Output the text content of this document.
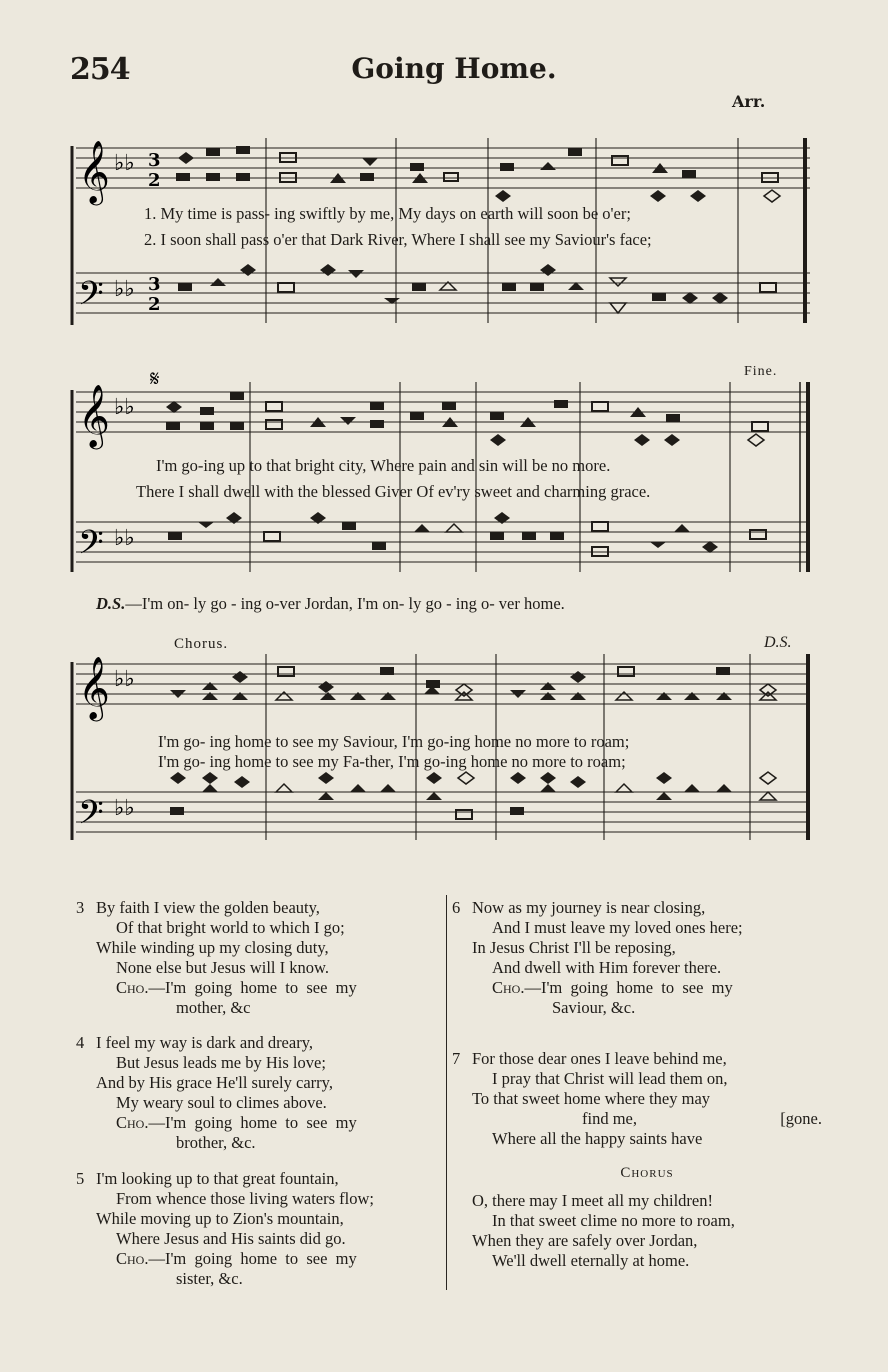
254	Going Home.
Arr.
𝄞
𝄢
♭♭
♭♭
3
2
3
2
1. My time is pass- ing swiftly by me, My days on earth will soon be o'er;
2. I soon shall pass o'er that Dark River, Where I shall see my Saviour's face;
𝄞
𝄢
♭♭
♭♭
𝄋	Fine.
I'm go-ing up to that bright city, Where pain and sin will be no more.
There I shall dwell with the blessed Giver Of ev'ry sweet and charming grace.
D.S.—I'm on- ly go - ing o-ver Jordan, I'm on- ly go - ing o- ver home.
𝄞
𝄢
♭♭
♭♭
Chorus.	D.S.
I'm go- ing home to see my Saviour, I'm go-ing home no more to roam;
I'm go- ing home to see my Fa-ther, I'm go-ing home no more to roam;
3 By faith I view the golden beauty,
Of that bright world to which I go;
While winding up my closing duty,
None else but Jesus will I know.
Cho. —I'm  going  home  to  see  my
mother, &c
4 I feel my way is dark and dreary,
But Jesus leads me by His love;
And by His grace He'll surely carry,
My weary soul to climes above.
Cho. —I'm  going  home  to  see  my
brother, &c.
5 I'm looking up to that great fountain,
From whence those living waters flow;
While moving up to Zion's mountain,
Where Jesus and His saints did go.
Cho. —I'm  going  home  to  see  my
sister, &c.
6 Now as my journey is near closing,
And I must leave my loved ones here;
In Jesus Christ I'll be reposing,
And dwell with Him forever there.
Cho. —I'm  going  home  to  see  my
Saviour, &c.
7 For those dear ones I leave behind me,
I pray that Christ will lead them on,
To that sweet home where they may
find me,	[gone.
Where all the happy saints have
Chorus
O, there may I meet all my children!
In that sweet clime no more to roam,
When they are safely over Jordan,
We'll dwell eternally at home.
